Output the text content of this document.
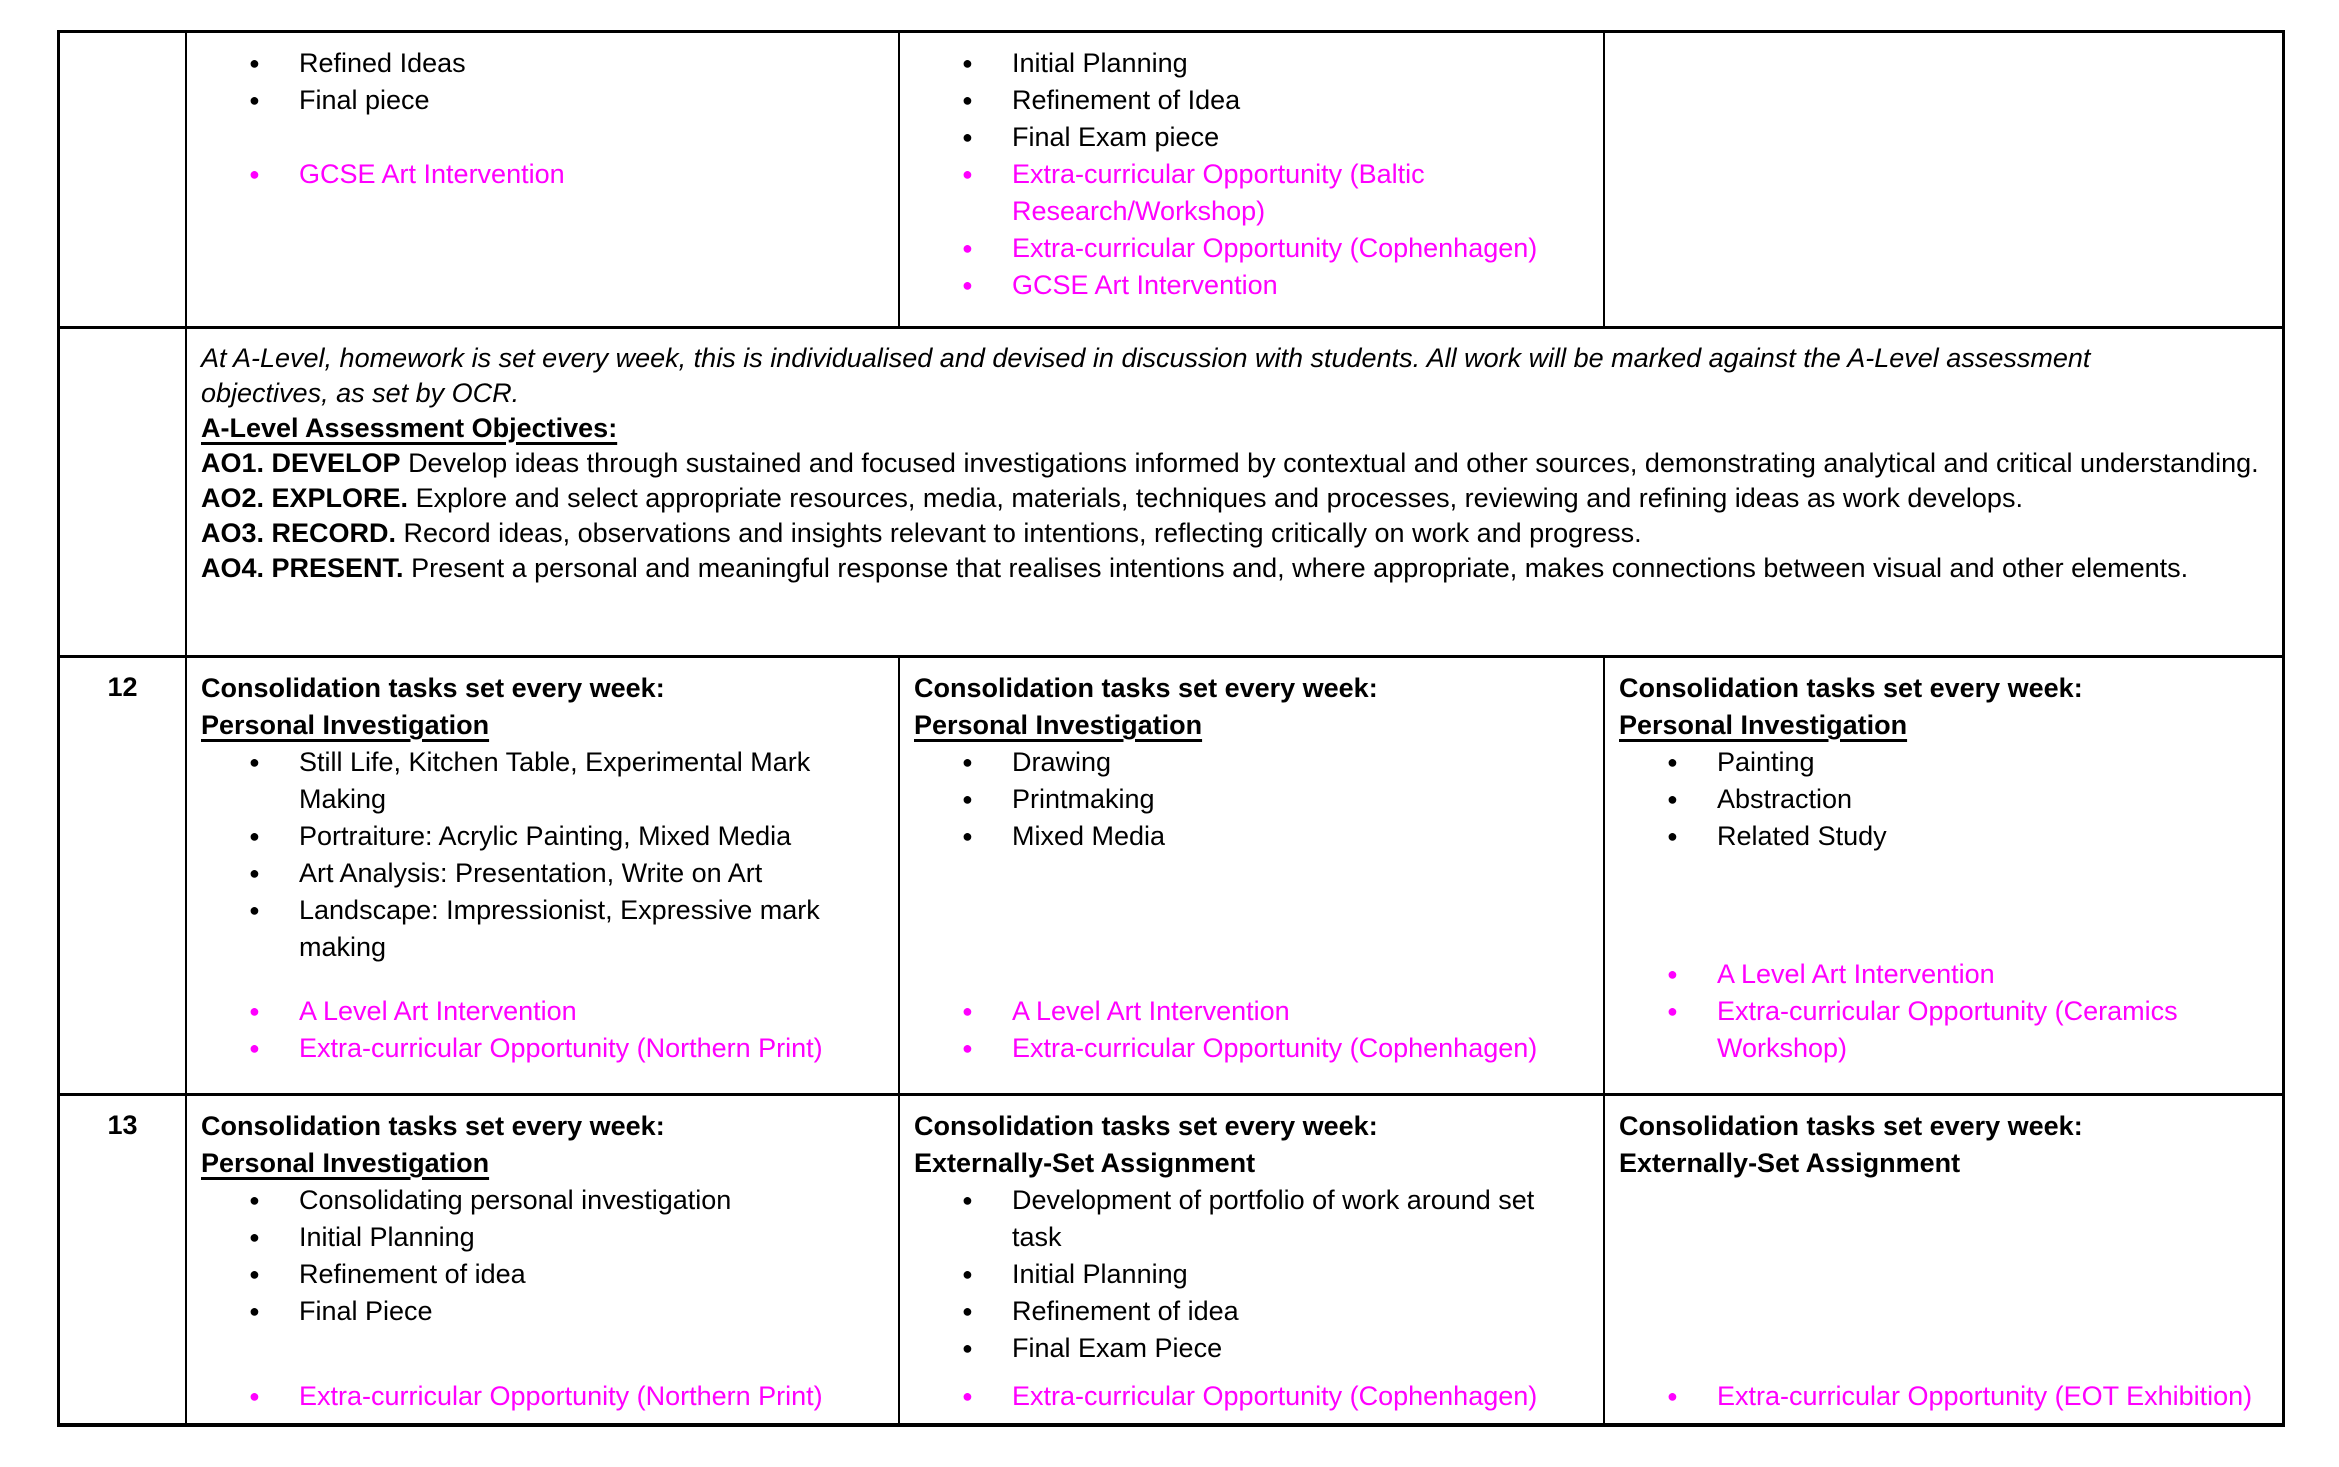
● Refined Ideas
● Final piece
● GCSE Art Intervention
● Initial Planning
● Refinement of Idea
● Final Exam piece
● Extra-curricular Opportunity (Baltic Research/Workshop)
● Extra-curricular Opportunity (Cophenhagen)
● GCSE Art Intervention
At A-Level, homework is set every week, this is individualised and devised in discussion with students. All work will be marked against the A-Level assessment
objectives, as set by OCR.
A-Level Assessment Objectives:
AO1. DEVELOP Develop ideas through sustained and focused investigations informed by contextual and other sources, demonstrating analytical and critical understanding.
AO2. EXPLORE. Explore and select appropriate resources, media, materials, techniques and processes, reviewing and refining ideas as work develops.
AO3. RECORD. Record ideas, observations and insights relevant to intentions, reflecting critically on work and progress.
AO4. PRESENT. Present a personal and meaningful response that realises intentions and, where appropriate, makes connections between visual and other elements.
12	Consolidation tasks set every week:
Personal Investigation
● Still Life, Kitchen Table, Experimental Mark Making
● Portraiture: Acrylic Painting, Mixed Media
● Art Analysis: Presentation, Write on Art
● Landscape: Impressionist, Expressive mark making
● A Level Art Intervention
● Extra-curricular Opportunity (Northern Print)
Consolidation tasks set every week:
Personal Investigation
● Drawing
● Printmaking
● Mixed Media
● A Level Art Intervention
● Extra-curricular Opportunity (Cophenhagen)
Consolidation tasks set every week:
Personal Investigation
● Painting
● Abstraction
● Related Study
● A Level Art Intervention
● Extra-curricular Opportunity (Ceramics Workshop)
13	Consolidation tasks set every week:
Personal Investigation
● Consolidating personal investigation
● Initial Planning
● Refinement of idea
● Final Piece
● Extra-curricular Opportunity (Northern Print)
Consolidation tasks set every week:
Externally-Set Assignment
● Development of portfolio of work around set task
● Initial Planning
● Refinement of idea
● Final Exam Piece
● Extra-curricular Opportunity (Cophenhagen)
Consolidation tasks set every week:
Externally-Set Assignment
● Extra-curricular Opportunity (EOT Exhibition)
